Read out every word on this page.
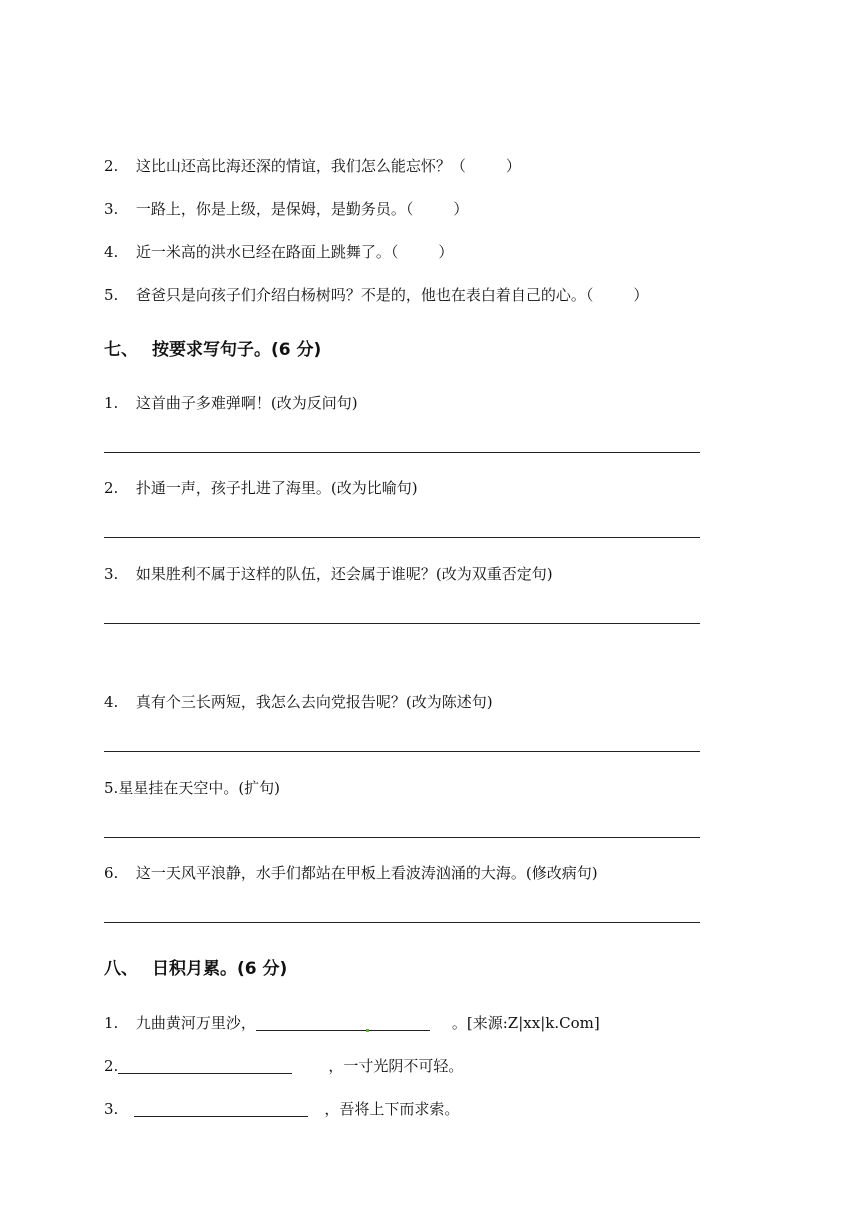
2. 这比山还高比海还深的情谊，我们怎么能忘怀？（	）
3. 一路上，你是上级，是保姆，是勤务员。（	）
4. 近一米高的洪水已经在路面上跳舞了。（	）
5. 爸爸只是向孩子们介绍白杨树吗？不是的，他也在表白着自己的心。（	）
七、 按要求写句子。(6 分)
1. 这首曲子多难弹啊！(改为反问句)
2. 扑通一声，孩子扎进了海里。(改为比喻句)
3. 如果胜利不属于这样的队伍，还会属于谁呢？(改为双重否定句)
4. 真有个三长两短，我怎么去向党报告呢？(改为陈述句)
5.星星挂在天空中。(扩句)
6. 这一天风平浪静，水手们都站在甲板上看波涛汹涌的大海。(修改病句)
八、 日积月累。(6 分)
1. 九曲黄河万里沙，	。[来源:Z|xx|k.Com]
2.	，一寸光阴不可轻。
3.	，吾将上下而求索。
